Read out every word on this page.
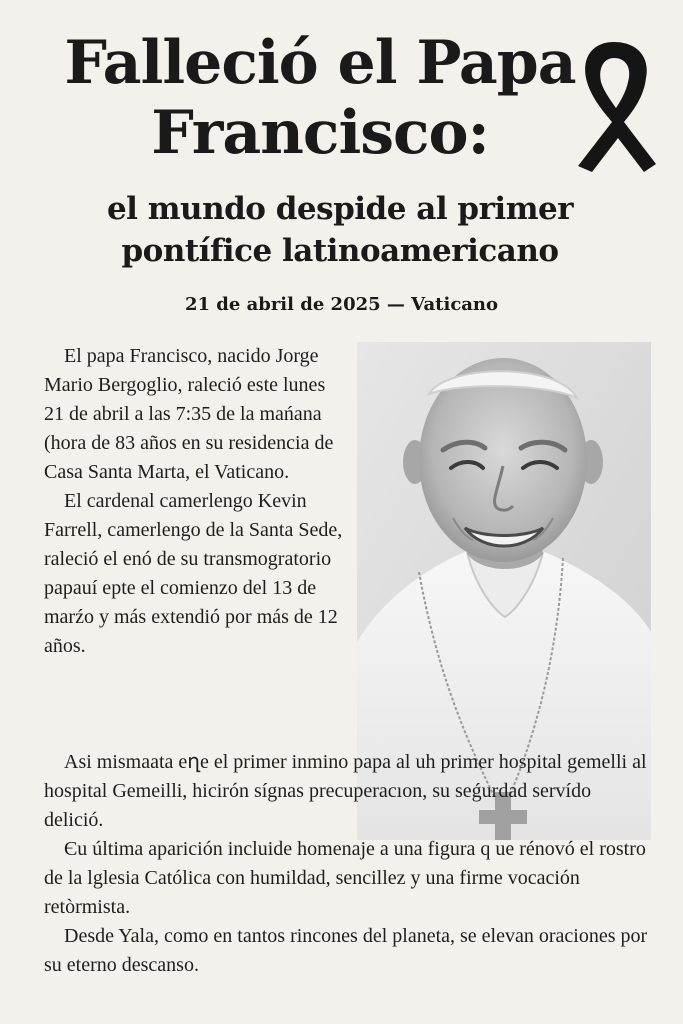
Falleció el Papa Francisco:
el mundo despide al primer pontífice latinoamericano
21 de abril de 2025 — Vaticano

El papa Francisco, nacido Jorge Mario Bergoglio, raleció este lunes 21 de abril a las 7:35 de la mańana (hora de 83 años en su residencia de Casa Santa Marta, el Vaticano.

El cardenal camerlengo Kevin Farrell, camerlengo de la Santa Sede, raleció el enó de su transmogratorio papauí epte el comienzo del 13 de marźo y más extendió por más de 12 años.

Asi mismaata eղe el primer inmino papa al uh primer hospital gemelli al hospital Gemeilli, hicirón sígnas precuperacıon, su seǵurdad servído delició.

Єu última aparición incluide homenaje a una figura q ue rénovó el rostro de la lglesia Católica con humildad, sencillez y una firme vocación retòrmista.

Desde Yala, como en tantos rincones del planeta, se elevan oraciones por su eterno descanso.
